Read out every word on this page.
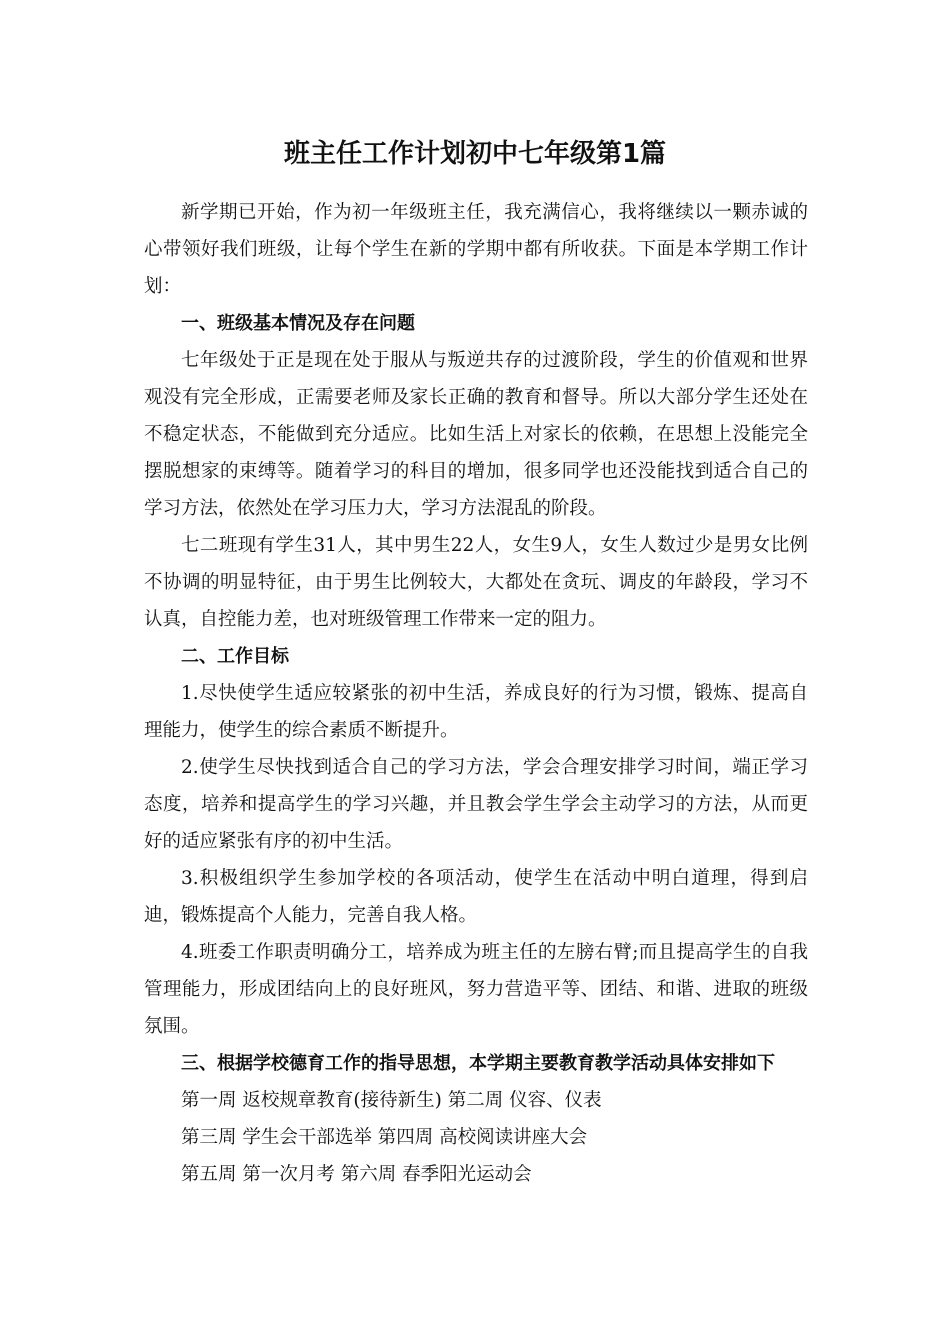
班主任工作计划初中七年级第1篇

新学期已开始，作为初一年级班主任，我充满信心，我将继续以一颗赤诚的心带领好我们班级，让每个学生在新的学期中都有所收获。下面是本学期工作计划：

一、班级基本情况及存在问题

七年级处于正是现在处于服从与叛逆共存的过渡阶段，学生的价值观和世界观没有完全形成，正需要老师及家长正确的教育和督导。所以大部分学生还处在不稳定状态，不能做到充分适应。比如生活上对家长的依赖，在思想上没能完全摆脱想家的束缚等。随着学习的科目的增加，很多同学也还没能找到适合自己的学习方法，依然处在学习压力大，学习方法混乱的阶段。

七二班现有学生31人，其中男生22人，女生9人，女生人数过少是男女比例不协调的明显特征，由于男生比例较大，大都处在贪玩、调皮的年龄段，学习不认真，自控能力差，也对班级管理工作带来一定的阻力。

二、工作目标

1.尽快使学生适应较紧张的初中生活，养成良好的行为习惯，锻炼、提高自理能力，使学生的综合素质不断提升。

2.使学生尽快找到适合自己的学习方法，学会合理安排学习时间，端正学习态度，培养和提高学生的学习兴趣，并且教会学生学会主动学习的方法，从而更好的适应紧张有序的初中生活。

3.积极组织学生参加学校的各项活动，使学生在活动中明白道理，得到启迪，锻炼提高个人能力，完善自我人格。

4.班委工作职责明确分工，培养成为班主任的左膀右臂;而且提高学生的自我管理能力，形成团结向上的良好班风，努力营造平等、团结、和谐、进取的班级氛围。

三、根据学校德育工作的指导思想，本学期主要教育教学活动具体安排如下

第一周 返校规章教育(接待新生) 第二周 仪容、仪表

第三周 学生会干部选举 第四周 高校阅读讲座大会

第五周 第一次月考 第六周 春季阳光运动会
